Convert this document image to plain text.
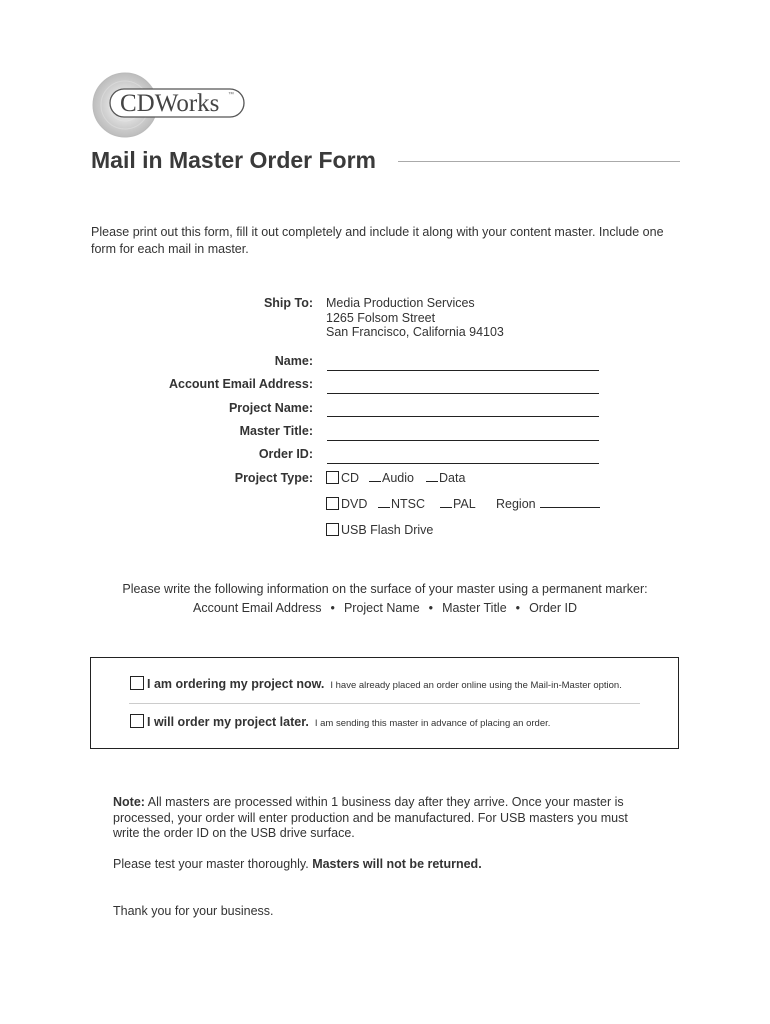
CDWorks ™
Mail in Master Order Form
Please print out this form, fill it out completely and include it along with your content master. Include one form for each mail in master.
Ship To: Media Production Services
1265 Folsom Street
San Francisco, California 94103
Name:
Account Email Address:
Project Name:
Master Title:
Order ID:
Project Type:	CD	Audio	Data
DVD	NTSC	PAL Region
USB Flash Drive
Please write the following information on the surface of your master using a permanent marker:
Account Email Address • Project Name • Master Title • Order ID
I am ordering my project now. I have already placed an order online using the Mail-in-Master option.
I will order my project later. I am sending this master in advance of placing an order.
Note: All masters are processed within 1 business day after they arrive. Once your master is processed, your order will enter production and be manufactured. For USB masters you must write the order ID on the USB drive surface.
Please test your master thoroughly. Masters will not be returned.
Thank you for your business.
